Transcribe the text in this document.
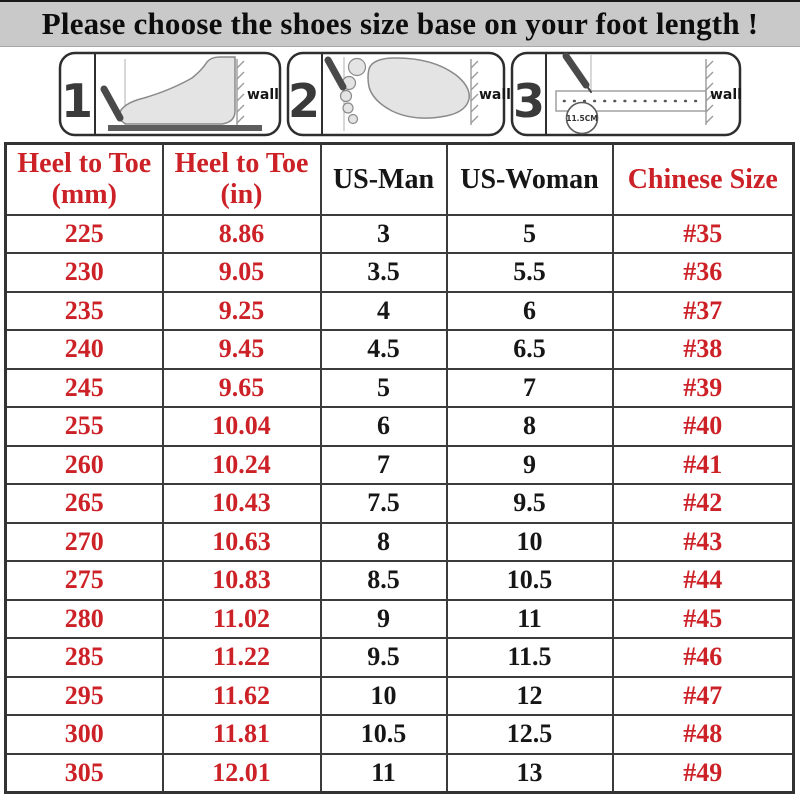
Please choose the shoes size base on your foot length !
1	wall 2	wall 3	11.5CM
wall
Heel to Toe
(mm)

Heel to Toe
(in)

US-Man	US-Woman	Chinese Size

225	8.86	3	5	#35
230	9.05	3.5	5.5	#36
235	9.25	4	6	#37
240	9.45	4.5	6.5	#38
245	9.65	5	7	#39
255	10.04	6	8	#40
260	10.24	7	9	#41
265	10.43	7.5	9.5	#42
270	10.63	8	10	#43
275	10.83	8.5	10.5	#44
280	11.02	9	11	#45
285	11.22	9.5	11.5	#46
295	11.62	10	12	#47
300	11.81	10.5	12.5	#48
305	12.01	11	13	#49
